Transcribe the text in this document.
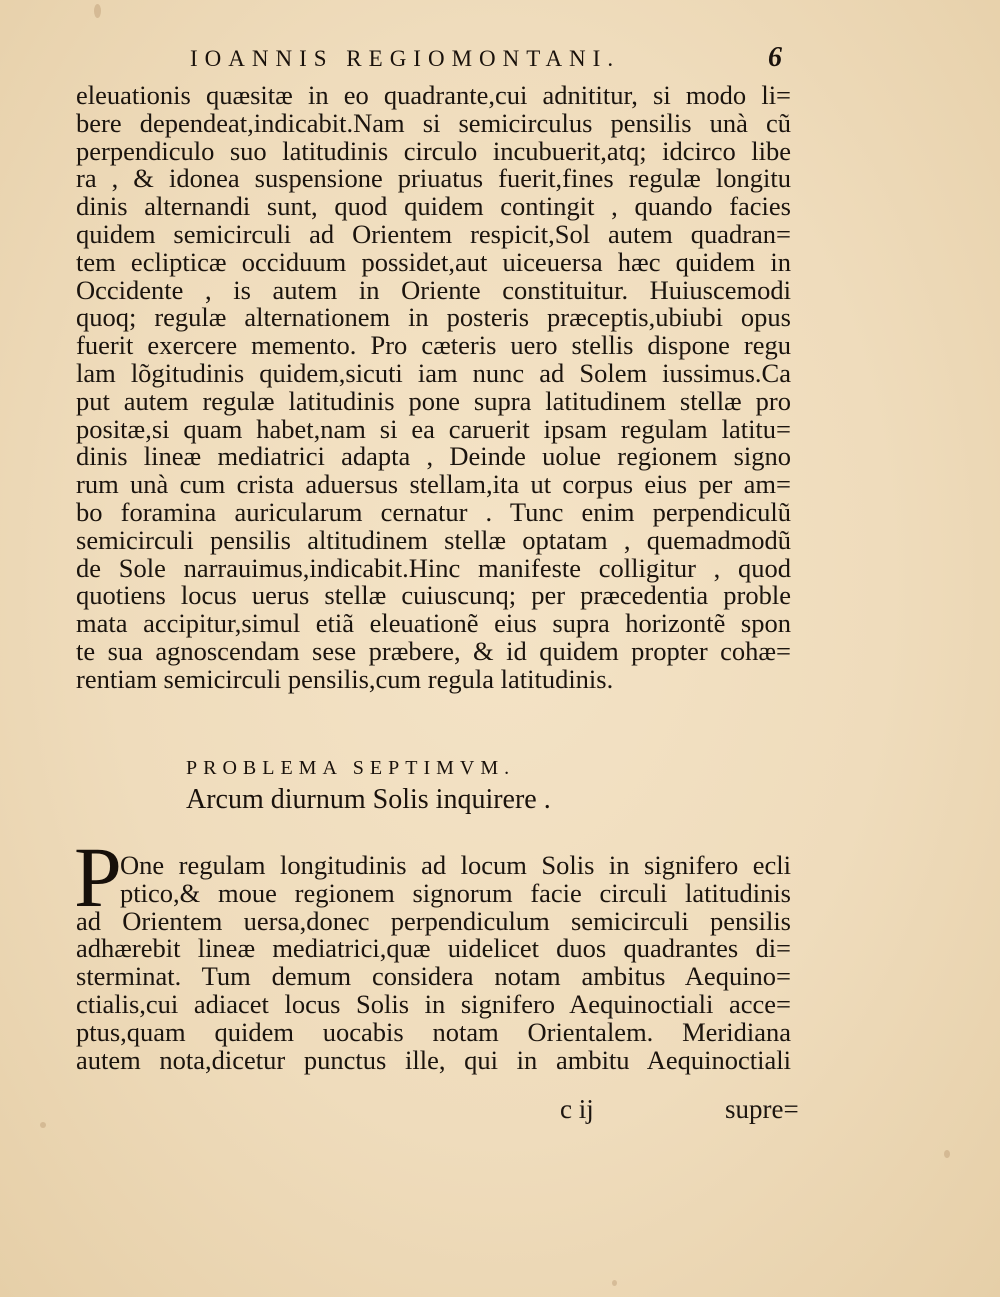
IOANNIS REGIOMONTANI.	6
eleuationis quæsitæ in eo quadrante,cui adnititur, si modo li=
bere dependeat,indicabit.Nam si semicirculus pensilis unà cũ
perpendiculo suo latitudinis circulo incubuerit,atq; idcirco libe
ra , & idonea suspensione priuatus fuerit,fines regulæ longitu
dinis alternandi sunt, quod quidem contingit , quando facies
quidem semicirculi ad Orientem respicit,Sol autem quadran=
tem eclipticæ occiduum possidet,aut uiceuersa hæc quidem in
Occidente , is autem in Oriente constituitur. Huiuscemodi
quoq; regulæ alternationem in posteris præceptis,ubiubi opus
fuerit exercere memento. Pro cæteris uero stellis dispone regu
lam lõgitudinis quidem,sicuti iam nunc ad Solem iussimus.Ca
put autem regulæ latitudinis pone supra latitudinem stellæ pro
positæ,si quam habet,nam si ea caruerit ipsam regulam latitu=
dinis lineæ mediatrici adapta , Deinde uolue regionem signo
rum unà cum crista aduersus stellam,ita ut corpus eius per am=
bo foramina auricularum cernatur . Tunc enim perpendiculũ
semicirculi pensilis altitudinem stellæ optatam , quemadmodũ
de Sole narrauimus,indicabit.Hinc manifeste colligitur , quod
quotiens locus uerus stellæ cuiuscunq; per præcedentia proble
mata accipitur,simul etiã eleuationẽ eius supra horizontẽ spon
te sua agnoscendam sese præbere, & id quidem propter cohæ=
rentiam semicirculi pensilis,cum regula latitudinis.
PROBLEMA SEPTIMVM.
Arcum diurnum Solis inquirere .
P
One regulam longitudinis ad locum Solis in signifero ecli
ptico,& moue regionem signorum facie circuli latitudinis
ad Orientem uersa,donec perpendiculum semicirculi pensilis
adhærebit lineæ mediatrici,quæ uidelicet duos quadrantes di=
sterminat. Tum demum considera notam ambitus Aequino=
ctialis,cui adiacet locus Solis in signifero Aequinoctiali acce=
ptus,quam quidem uocabis notam Orientalem. Meridiana
autem nota,dicetur punctus ille, qui in ambitu Aequinoctiali
c ij	supre=
